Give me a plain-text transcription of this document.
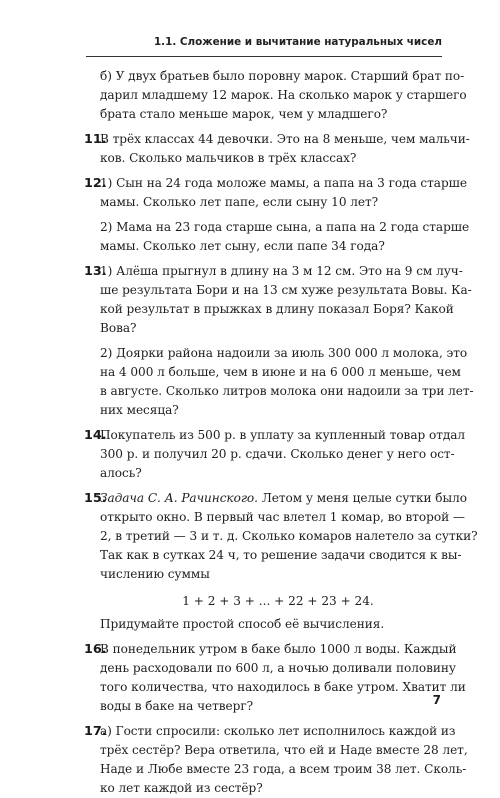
1.1. Сложение и вычитание натуральных чисел
б) У двух братьев было поровну марок. Старший брат по-
дарил младшему 12 марок. На сколько марок у старшего
брата стало меньше марок, чем у младшего?
11.
В трёх классах 44 девочки. Это на 8 меньше, чем мальчи-
ков. Сколько мальчиков в трёх классах?
12.
1) Сын на 24 года моложе мамы, а папа на 3 года старше
мамы. Сколько лет папе, если сыну 10 лет?
2) Мама на 23 года старше сына, а папа на 2 года старше
мамы. Сколько лет сыну, если папе 34 года?
13.
1) Алёша прыгнул в длину на 3 м 12 см. Это на 9 см луч-
ше результата Бори и на 13 см хуже результата Вовы. Ка-
кой результат в прыжках в длину показал Боря? Какой
Вова?
2) Доярки района надоили за июль 300 000 л молока, это
на 4 000 л больше, чем в июне и на 6 000 л меньше, чем
в августе. Сколько литров молока они надоили за три лет-
них месяца?
14.
Покупатель из 500 р. в уплату за купленный товар отдал
300 р. и получил 20 р. сдачи. Сколько денег у него ост-
алось?
15.
Задача С. А. Рачинского. Летом у меня целые сутки было
открыто окно. В первый час влетел 1 комар, во второй —
2, в третий — 3 и т. д. Сколько комаров налетело за сутки?
Так как в сутках 24 ч, то решение задачи сводится к вы-
числению суммы
1 + 2 + 3 + ... + 22 + 23 + 24.
Придумайте простой способ её вычисления.
16.
В понедельник утром в баке было 1000 л воды. Каждый
день расходовали по 600 л, а ночью доливали половину
того количества, что находилось в баке утром. Хватит ли
воды в баке на четверг?
17.
а) Гости спросили: сколько лет исполнилось каждой из
трёх сестёр? Вера ответила, что ей и Наде вместе 28 лет,
Наде и Любе вместе 23 года, а всем троим 38 лет. Сколь-
ко лет каждой из сестёр?
7
